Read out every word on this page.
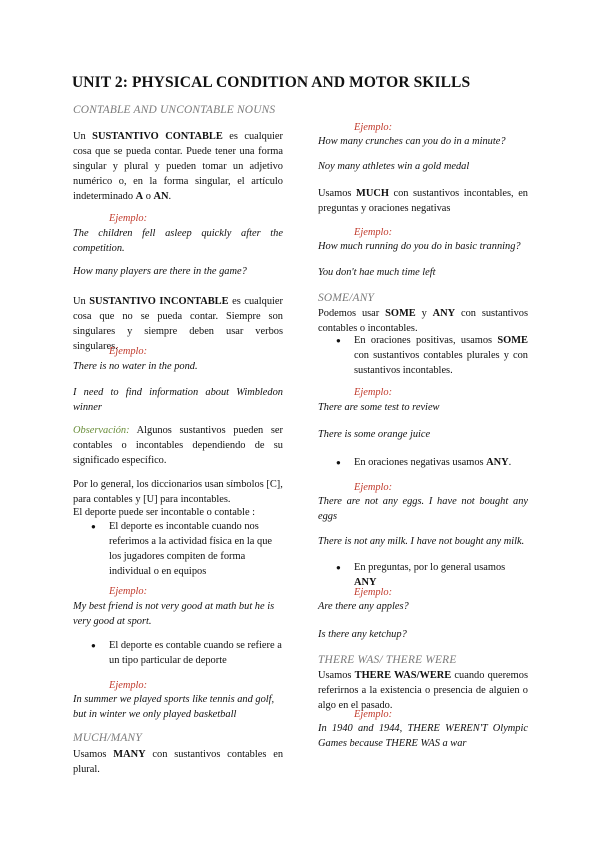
UNIT 2: PHYSICAL CONDITION AND MOTOR SKILLS
CONTABLE AND UNCONTABLE NOUNS

Un SUSTANTIVO CONTABLE es cualquier cosa que se pueda contar. Puede tener una forma singular y plural y pueden tomar un adjetivo numérico o, en la forma singular, el artículo indeterminado A o AN.

Ejemplo:

The children fell asleep quickly after the competition.

How many players are there in the game?

Un SUSTANTIVO INCONTABLE es cualquier cosa que no se pueda contar. Siempre son singulares y siempre deben usar verbos singulares.

Ejemplo:

There is no water in the pond.

I need to find information about Wimbledon winner

Observación: Algunos sustantivos pueden ser contables o incontables dependiendo de su significado específico.

Por lo general, los diccionarios usan símbolos [C], para contables y [U] para incontables.

El deporte puede ser incontable o contable :

● El deporte es incontable cuando nos referimos a la actividad física en la que los jugadores compiten de forma individual o en equipos
Ejemplo:

My best friend is not very good at math but he is very good at sport.

● El deporte es contable cuando se refiere a un tipo particular de deporte
Ejemplo:

In summer we played sports like tennis and golf, but in winter we only played basketball

MUCH/MANY

Usamos MANY con sustantivos contables en plural.

Ejemplo:

How many crunches can you do in a minute?

Noy many athletes win a gold medal

Usamos MUCH con sustantivos incontables, en preguntas y oraciones negativas

Ejemplo:

How much running do you do in basic tranning?

You don't hae much time left

SOME/ANY

Podemos usar SOME y ANY con sustantivos contables o incontables.

● En oraciones positivas, usamos SOME con sustantivos contables plurales y con sustantivos incontables.
Ejemplo:

There are some test to review

There is some orange juice

● En oraciones negativas usamos ANY.
Ejemplo:

There are not any eggs. I have not bought any eggs

There is not any milk. I have not bought any milk.

● En preguntas, por lo general usamos ANY
Ejemplo:

Are there any apples?

Is there any ketchup?

THERE WAS/ THERE WERE

Usamos THERE WAS/WERE cuando queremos referirnos a la existencia o presencia de alguien o algo en el pasado.

Ejemplo:

In 1940 and 1944, THERE WEREN'T Olympic Games because THERE WAS a war
